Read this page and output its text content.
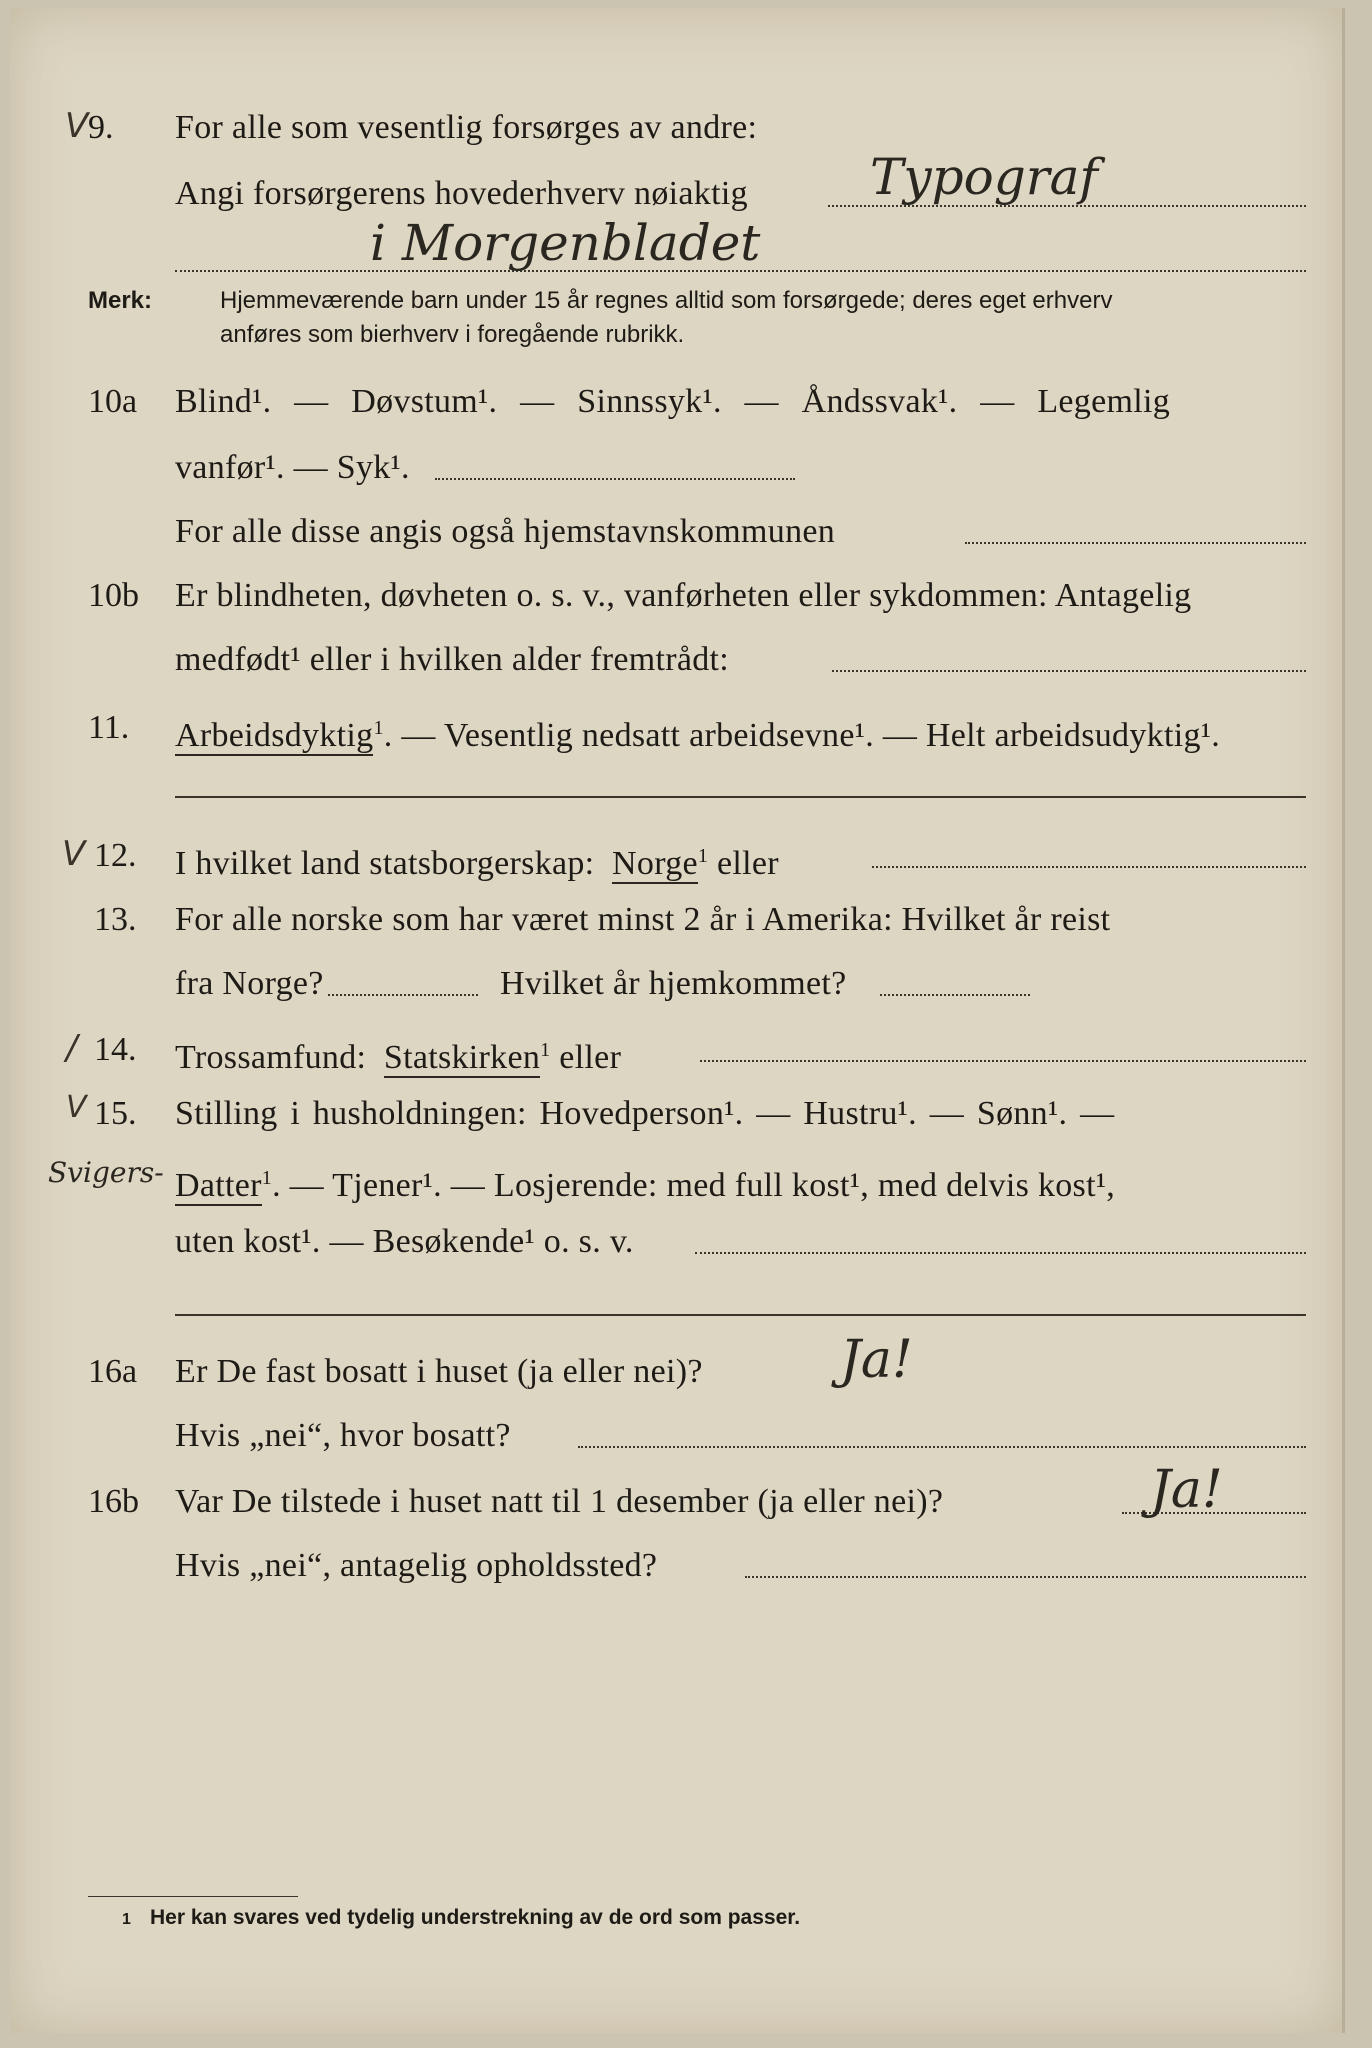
V 9. For alle som vesentlig forsørges av andre:
Angi forsørgerens hovederhverv nøiaktig Typograf
i Morgenbladet
Merk:	Hjemmeværende barn under 15 år regnes alltid som forsørgede; deres eget erhverv
anføres som bierhverv i foregående rubrikk.
10a Blind¹. — Døvstum¹. — Sinnssyk¹. — Åndssvak¹. — Legemlig
vanfør¹. — Syk¹.
For alle disse angis også hjemstavnskommunen
10b Er blindheten, døvheten o. s. v., vanførheten eller sykdommen: Antagelig
medfødt¹ eller i hvilken alder fremtrådt:
11. Arbeidsdyktig$^1$. — Vesentlig nedsatt arbeidsevne¹. — Helt arbeidsudyktig¹.
V 12. I hvilket land statsborgerskap: Norge$^1$ eller
13. For alle norske som har været minst 2 år i Amerika: Hvilket år reist
fra Norge?	Hvilket år hjemkommet?
/ 14. Trossamfund: Statskirken$^1$ eller
V 15. Stilling i husholdningen: Hovedperson¹. — Hustru¹. — Sønn¹. —
Svigers- Datter$^1$. — Tjener¹. — Losjerende: med full kost¹, med delvis kost¹,
uten kost¹. — Besøkende¹ o. s. v.
16a Er De fast bosatt i huset (ja eller nei)?	Ja!
Hvis „nei“, hvor bosatt?
16b Var De tilstede i huset natt til 1 desember (ja eller nei)?	Ja!
Hvis „nei“, antagelig opholdssted?
1 Her kan svares ved tydelig understrekning av de ord som passer.
